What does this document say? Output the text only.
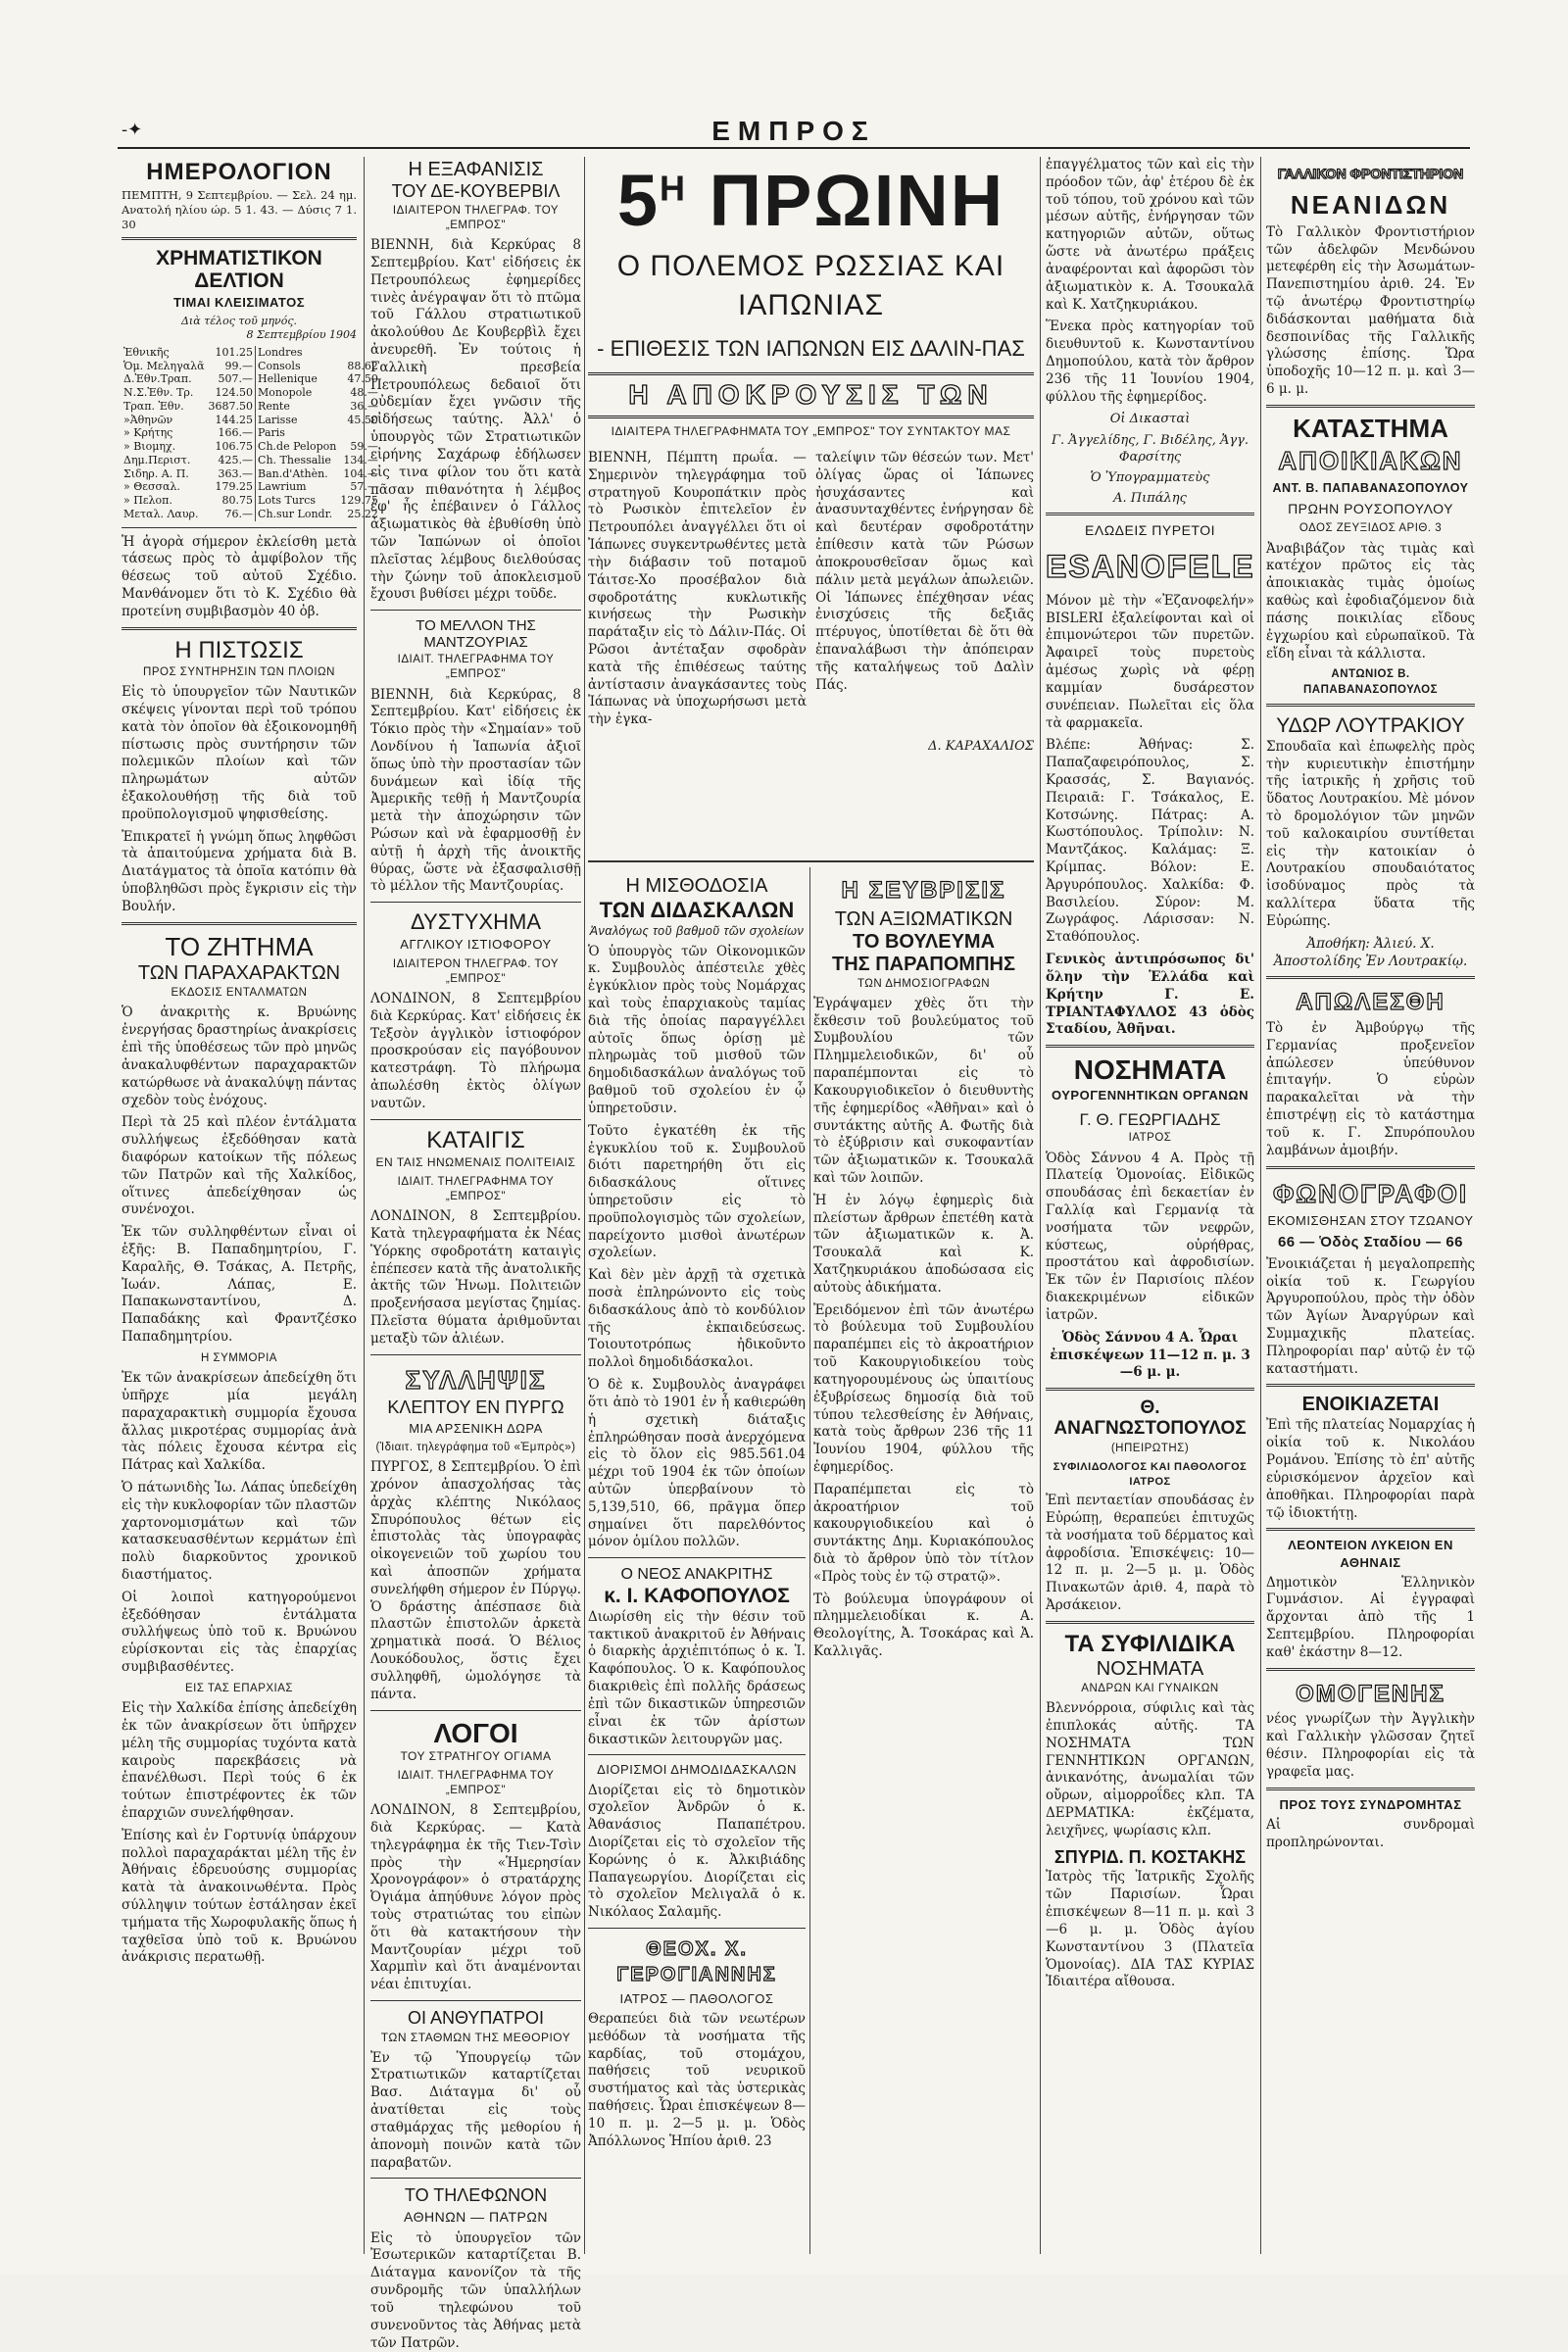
-✦	ΕΜΠΡΟΣ
ΗΜΕΡΟΛΟΓΙΟΝ
ΠΕΜΠΤΗ, 9 Σεπτεμβρίου. — Σελ. 24 ημ. Ανατολή ηλίου ώρ. 5 1. 43. — Δύσις 7 1. 30
ΧΡΗΜΑΤΙΣΤΙΚΟΝ ΔΕΛΤΙΟΝ
ΤΙΜΑΙ ΚΛΕΙΣΙΜΑΤΟΣ
Διὰ τέλος τοῦ μηνός.
8 Σεπτεμβρίου 1904
Ἐθνικῆς	101.25	Londres	
Ὁμ. Μεληγαλᾶ	99.—	Consols	88.62
Δ.Ἐθν.Τραπ.	507.—	Hellenique	47.50
Ν.Σ.Ἐθν. Τρ.	124.50	Monopole	48.—
Τραπ. Ἐθν.	3687.50	Rente	36.—
»Ἀθηνῶν	144.25	Larisse	45.50
» Κρήτης	166.—	Paris	
» Βιομηχ.	106.75	Ch.de Pelopon	59.—
Δημ.Περιστ.	425.—	Ch. Thessalie	134.—
Σιδηρ. Α. Π.	363.—	Ban.d'Athèn.	104.—
» Θεσσαλ.	179.25	Lawrium	57.—
» Πελοπ.	80.75	Lots Turcs	129.75
Μεταλ. Λαυρ.	76.—	Ch.sur Londr.	25.22
Ἡ ἀγορὰ σήμερον ἐκλείσθη μετὰ τάσεως πρὸς τὸ ἀμφίβολον τῆς θέσεως τοῦ αὐτοῦ Σχέδιο. Μανθάνομεν ὅτι τὸ Κ. Σχέδιο θὰ προτείνη συμβιβασμὸν 40 ὀβ.
Η ΠΙΣΤΩΣΙΣ
ΠΡΟΣ ΣΥΝΤΗΡΗΣΙΝ ΤΩΝ ΠΛΟΙΩΝ
Εἰς τὸ ὑπουργεῖον τῶν Ναυτικῶν σκέψεις γίνονται περὶ τοῦ τρόπου κατὰ τὸν ὁποῖον θὰ ἐξοικονομηθῆ πίστωσις πρὸς συντήρησιν τῶν πολεμικῶν πλοίων καὶ τῶν πληρωμάτων αὐτῶν ἐξακολουθήσῃ τῆς διὰ τοῦ προϋπολογισμοῦ ψηφισθείσης.
Ἐπικρατεῖ ἡ γνώμη ὅπως ληφθῶσι τὰ ἀπαιτούμενα χρήματα διὰ Β. Διατάγματος τὰ ὁποῖα κατόπιν θὰ ὑποβληθῶσι πρὸς ἔγκρισιν εἰς τὴν Βουλήν.
ΤΟ ΖΗΤΗΜΑ
ΤΩΝ ΠΑΡΑΧΑΡΑΚΤΩΝ
ΕΚΔΟΣΙΣ ΕΝΤΑΛΜΑΤΩΝ
Ὁ ἀνακριτὴς κ. Βρυώνης ἐνεργήσας δραστηρίως ἀνακρίσεις ἐπὶ τῆς ὑποθέσεως τῶν πρὸ μηνῶς ἀνακαλυφθέντων παραχαρακτῶν κατώρθωσε νὰ ἀνακαλύψῃ πάντας σχεδὸν τοὺς ἐνόχους.
Περὶ τὰ 25 καὶ πλέον ἐντάλματα συλλήψεως ἐξεδόθησαν κατὰ διαφόρων κατοίκων τῆς πόλεως τῶν Πατρῶν καὶ τῆς Χαλκίδος, οἵτινες ἀπεδείχθησαν ὡς συνένοχοι.
Ἐκ τῶν συλληφθέντων εἶναι οἱ ἑξῆς: Β. Παπαδημητρίου, Γ. Καραλῆς, Θ. Τσάκας, Α. Πετρῆς, Ἰωάν. Λάπας, Ε. Παπακωνσταντίνου, Δ. Παπαδάκης καὶ Φραντζέσκο Παπαδημητρίου.
Η ΣΥΜΜΟΡΙΑ
Ἐκ τῶν ἀνακρίσεων ἀπεδείχθη ὅτι ὑπῆρχε μία μεγάλη παραχαρακτικὴ συμμορία ἔχουσα ἄλλας μικροτέρας συμμορίας ἀνὰ τὰς πόλεις ἔχουσα κέντρα εἰς Πάτρας καὶ Χαλκίδα.
Ὁ πάτωνιδὴς Ἰω. Λάπας ὑπεδείχθη εἰς τὴν κυκλοφορίαν τῶν πλαστῶν χαρτονομισμάτων καὶ τῶν κατασκευασθέντων κερμάτων ἐπὶ πολὺ διαρκοῦντος χρονικοῦ διαστήματος.
Οἱ λοιποὶ κατηγορούμενοι ἐξεδόθησαν ἐντάλματα συλλήψεως ὑπὸ τοῦ κ. Βρυώνου εὑρίσκονται εἰς τὰς ἐπαρχίας συμβιβασθέντες.
ΕΙΣ ΤΑΣ ΕΠΑΡΧΙΑΣ
Εἰς τὴν Χαλκίδα ἐπίσης ἀπεδείχθη ἐκ τῶν ἀνακρίσεων ὅτι ὑπῆρχεν μέλη τῆς συμμορίας τυχόντα κατὰ καιροὺς παρεκβάσεις νὰ ἐπανέλθωσι. Περὶ τούς 6 ἐκ τούτων ἐπιστρέφοντες ἐκ τῶν ἐπαρχιῶν συνελήφθησαν.
Ἐπίσης καὶ ἐν Γορτυνίᾳ ὑπάρχουν πολλοὶ παραχαράκται μέλη τῆς ἐν Ἀθήναις ἐδρευούσης συμμορίας κατὰ τὰ ἀνακοινωθέντα. Πρὸς σύλληψιν τούτων ἐστάλησαν ἐκεῖ τμήματα τῆς Χωροφυλακῆς ὅπως ἡ ταχθεῖσα ὑπὸ τοῦ κ. Βρυώνου ἀνάκρισις περατωθῇ.
Η ΕΞΑΦΑΝΙΣΙΣ
ΤΟΥ ΔΕ-ΚΟΥΒΕΡΒΙΛ
ΙΔΙΑΙΤΕΡΟΝ ΤΗΛΕΓΡΑΦ. ΤΟΥ „ΕΜΠΡΟΣ"
ΒΙΕΝΝΗ, διὰ Κερκύρας 8 Σεπτεμβρίου. Κατ' εἰδήσεις ἐκ Πετρουπόλεως ἐφημερίδες τινὲς ἀνέγραψαν ὅτι τὸ πτῶμα τοῦ Γάλλου στρατιωτικοῦ ἀκολούθου Δε Κουβερβὶλ ἔχει ἀνευρεθῆ. Ἐν τούτοις ἡ Γαλλικὴ πρεσβεία Πετρουπόλεως δεδαιοῖ ὅτι οὐδεμίαν ἔχει γνῶσιν τῆς εἰδήσεως ταύτης. Ἀλλ' ὁ ὑπουργὸς τῶν Στρατιωτικῶν εἰρήνης Σαχάρωφ ἐδήλωσεν εἰς τινα φίλον του ὅτι κατὰ πᾶσαν πιθανότητα ἡ λέμβος ἐφ' ἧς ἐπέβαινεν ὁ Γάλλος ἀξιωματικὸς θὰ ἐβυθίσθη ὑπὸ τῶν Ἰαπώνων οἱ ὁποῖοι πλεῖστας λέμβους διελθούσας τὴν ζώνην τοῦ ἀποκλεισμοῦ ἔχουσι βυθίσει μέχρι τοῦδε.
ΤΟ ΜΕΛΛΟΝ ΤΗΣ ΜΑΝΤΖΟΥΡΙΑΣ
ΙΔΙΑΙΤ. ΤΗΛΕΓΡΑΦΗΜΑ ΤΟΥ „ΕΜΠΡΟΣ"
ΒΙΕΝΝΗ, διὰ Κερκύρας, 8 Σεπτεμβρίου. Κατ' εἰδήσεις ἐκ Τόκιο πρὸς τὴν «Σημαίαν» τοῦ Λονδίνου ἡ Ἰαπωνία ἀξιοῖ ὅπως ὑπὸ τὴν προστασίαν τῶν δυνάμεων καὶ ἰδίᾳ τῆς Ἀμερικῆς τεθῇ ἡ Μαντζουρία μετὰ τὴν ἀποχώρησιν τῶν Ρώσων καὶ νὰ ἐφαρμοσθῇ ἐν αὐτῇ ἡ ἀρχὴ τῆς ἀνοικτῆς θύρας, ὥστε νὰ ἐξασφαλισθῇ τὸ μέλλον τῆς Μαντζουρίας.
ΔΥΣΤΥΧΗΜΑ
ΑΓΓΛΙΚΟΥ ΙΣΤΙΟΦΟΡΟΥ
ΙΔΙΑΙΤΕΡΟΝ ΤΗΛΕΓΡΑΦ. ΤΟΥ „ΕΜΠΡΟΣ"
ΛΟΝΔΙΝΟΝ, 8 Σεπτεμβρίου διὰ Κερκύρας. Κατ' εἰδήσεις ἐκ Τεξσὸν ἀγγλικὸν ἱστιοφόρον προσκρούσαν εἰς παγόβουνον κατεστράφη. Τὸ πλήρωμα ἀπωλέσθη ἐκτὸς ὀλίγων ναυτῶν.
ΚΑΤΑΙΓΙΣ
ΕΝ ΤΑΙΣ ΗΝΩΜΕΝΑΙΣ ΠΟΛΙΤΕΙΑΙΣ
ΙΔΙΑΙΤ. ΤΗΛΕΓΡΑΦΗΜΑ ΤΟΥ „ΕΜΠΡΟΣ"
ΛΟΝΔΙΝΟΝ, 8 Σεπτεμβρίου. Κατὰ τηλεγραφήματα ἐκ Νέας Ὑόρκης σφοδροτάτη καταιγὶς ἐπέπεσεν κατὰ τῆς ἀνατολικῆς ἀκτῆς τῶν Ἡνωμ. Πολιτειῶν προξενήσασα μεγίστας ζημίας. Πλεῖστα θύματα ἀριθμοῦνται μεταξὺ τῶν ἁλιέων.
ΣΥΛΛΗΨΙΣ
ΚΛΕΠΤΟΥ ΕΝ ΠΥΡΓΩ
ΜΙΑ ΑΡΣΕΝΙΚΗ ΔΩΡΑ
(Ἰδιαιτ. τηλεγράφημα τοῦ «Ἐμπρὸς»)
ΠΥΡΓΟΣ, 8 Σεπτεμβρίου. Ὁ ἐπὶ χρόνον ἀπασχολήσας τὰς ἀρχὰς κλέπτης Νικόλαος Σπυρόπουλος θέτων εἰς ἐπιστολὰς τὰς ὑπογραφὰς οἰκογενειῶν τοῦ χωρίου του καὶ ἀποσπῶν χρήματα συνελήφθη σήμερον ἐν Πύργῳ. Ὁ δράστης ἀπέσπασε διὰ πλαστῶν ἐπιστολῶν ἀρκετὰ χρηματικὰ ποσά. Ὁ Βέλιος Λουκόδουλος, ὅστις ἔχει συλληφθῆ, ὡμολόγησε τὰ πάντα.
ΛΟΓΟΙ
ΤΟΥ ΣΤΡΑΤΗΓΟΥ ΟΓΙΑΜΑ
ΙΔΙΑΙΤ. ΤΗΛΕΓΡΑΦΗΜΑ ΤΟΥ „ΕΜΠΡΟΣ"
ΛΟΝΔΙΝΟΝ, 8 Σεπτεμβρίου, διὰ Κερκύρας. — Κατὰ τηλεγράφημα ἐκ τῆς Τιεν-Τσὶν πρὸς τὴν «Ἡμερησίαν Χρονογράφον» ὁ στρατάρχης Ὀγιάμα ἀπηύθυνε λόγον πρὸς τοὺς στρατιώτας του εἰπὼν ὅτι θὰ κατακτήσουν τὴν Μαντζουρίαν μέχρι τοῦ Χαρμπὶν καὶ ὅτι ἀναμένονται νέαι ἐπιτυχίαι.
ΟΙ ΑΝΘΥΠΑΤΡΟΙ
ΤΩΝ ΣΤΑΘΜΩΝ ΤΗΣ ΜΕΘΟΡΙΟΥ
Ἐν τῷ Ὑπουργείῳ τῶν Στρατιωτικῶν καταρτίζεται Βασ. Διάταγμα δι' οὗ ἀνατίθεται εἰς τοὺς σταθμάρχας τῆς μεθορίου ἡ ἀπονομὴ ποινῶν κατὰ τῶν παραβατῶν.
ΤΟ ΤΗΛΕΦΩΝΟΝ
ΑΘΗΝΩΝ — ΠΑΤΡΩΝ
Εἰς τὸ ὑπουργεῖον τῶν Ἐσωτερικῶν καταρτίζεται Β. Διάταγμα κανονίζον τὰ τῆς συνδρομῆς τῶν ὑπαλλήλων τοῦ τηλεφώνου τοῦ συνενοῦντος τὰς Ἀθήνας μετὰ τῶν Πατρῶν.
$5^H$ ΠΡΩΙΝΗ
Ο ΠΟΛΕΜΟΣ ΡΩΣΣΙΑΣ ΚΑΙ ΙΑΠΩΝΙΑΣ
- ΕΠΙΘΕΣΙΣ ΤΩΝ ΙΑΠΩΝΩΝ ΕΙΣ ΔΑΛΙΝ-ΠΑΣ
Η ΑΠΟΚΡΟΥΣΙΣ ΤΩΝ
ΙΔΙΑΙΤΕΡΑ ΤΗΛΕΓΡΑΦΗΜΑΤΑ ΤΟΥ „ΕΜΠΡΟΣ" ΤΟΥ ΣΥΝΤΑΚΤΟΥ ΜΑΣ
ΒΙΕΝΝΗ, Πέμπτη πρωΐα. — Σημερινὸν τηλεγράφημα τοῦ στρατηγοῦ Κουροπάτκιν πρὸς τὸ Ρωσικὸν ἐπιτελεῖον ἐν Πετρουπόλει ἀναγγέλλει ὅτι οἱ Ἰάπωνες συγκεντρωθέντες μετὰ τὴν διάβασιν τοῦ ποταμοῦ Τάιτσε-Χο προσέβαλον διὰ σφοδροτάτης κυκλωτικῆς κινήσεως τὴν Ρωσικὴν παράταξιν εἰς τὸ Δάλιν-Πάς. Οἱ Ρῶσοι ἀντέταξαν σφοδρὰν κατὰ τῆς ἐπιθέσεως ταύτης ἀντίστασιν ἀναγκάσαντες τοὺς Ἰάπωνας νὰ ὑποχωρήσωσι μετὰ τὴν ἐγκα-
ταλείψιν τῶν θέσεών των. Μετ' ὀλίγας ὥρας οἱ Ἰάπωνες ἠσυχάσαντες καὶ ἀνασυνταχθέντες ἐνήργησαν δὲ καὶ δευτέραν σφοδροτάτην ἐπίθεσιν κατὰ τῶν Ρώσων ἀποκρουσθεῖσαν ὅμως καὶ πάλιν μετὰ μεγάλων ἀπωλειῶν. Οἱ Ἰάπωνες ἐπέχθησαν νέας ἐνισχύσεις τῆς δεξιᾶς πτέρυγος, ὑποτίθεται δὲ ὅτι θὰ ἐπαναλάβωσι τὴν ἀπόπειραν τῆς καταλήψεως τοῦ Δαλὶν Πάς.
Δ. ΚΑΡΑΧΑΛΙΟΣ
Η ΜΙΣΘΟΔΟΣΙΑ
ΤΩΝ ΔΙΔΑΣΚΑΛΩΝ
Ἀναλόγως τοῦ βαθμοῦ τῶν σχολείων
Ὁ ὑπουργὸς τῶν Οἰκονομικῶν κ. Συμβουλὸς ἀπέστειλε χθὲς ἐγκύκλιον πρὸς τοὺς Νομάρχας καὶ τοὺς ἐπαρχιακοὺς ταμίας διὰ τῆς ὁποίας παραγγέλλει αὐτοῖς ὅπως ὁρίσῃ μὲ πληρωμὰς τοῦ μισθοῦ τῶν δημοδιδασκάλων ἀναλόγως τοῦ βαθμοῦ τοῦ σχολείου ἐν ᾧ ὑπηρετοῦσιν.
Τοῦτο ἐγκατέθη ἐκ τῆς ἐγκυκλίου τοῦ κ. Συμβουλοῦ διότι παρετηρήθη ὅτι εἰς διδασκάλους οἵτινες ὑπηρετοῦσιν εἰς τὸ προϋπολογισμὸς τῶν σχολείων, παρείχοντο μισθοὶ ἀνωτέρων σχολείων.
Καὶ δὲν μὲν ἀρχῇ τὰ σχετικὰ ποσὰ ἐπληρώνοντο εἰς τοὺς διδασκάλους ἀπὸ τὸ κονδύλιον τῆς ἐκπαιδεύσεως. Τοιουτοτρόπως ἠδικοῦντο πολλοὶ δημοδιδάσκαλοι.
Ὁ δὲ κ. Συμβουλὸς ἀναγράφει ὅτι ἀπὸ τὸ 1901 ἐν ἧ καθιερώθη ἡ σχετικὴ διάταξις ἐπληρώθησαν ποσὰ ἀνερχόμενα εἰς τὸ ὅλον εἰς 985.561.04 μέχρι τοῦ 1904 ἐκ τῶν ὁποίων αὐτῶν ὑπερβαίνουν τὸ 5,139,510, 66, πρᾶγμα ὅπερ σημαίνει ὅτι παρελθόντος μόνον ὁμίλου πολλῶν.
Ο ΝΕΟΣ ΑΝΑΚΡΙΤΗΣ
κ. Ι. ΚΑΦΟΠΟΥΛΟΣ
Διωρίσθη εἰς τὴν θέσιν τοῦ τακτικοῦ ἀνακριτοῦ ἐν Ἀθήναις ὁ διαρκὴς ἀρχιἐπιτόπως ὁ κ. Ἰ. Καφόπουλος. Ὁ κ. Καφόπουλος διακριθεὶς ἐπὶ πολλῆς δράσεως ἐπὶ τῶν δικαστικῶν ὑπηρεσιῶν εἶναι ἐκ τῶν ἀρίστων δικαστικῶν λειτουργῶν μας.
ΔΙΟΡΙΣΜΟΙ ΔΗΜΟΔΙΔΑΣΚΑΛΩΝ
Διορίζεται εἰς τὸ δημοτικὸν σχολεῖον Ἀνδρῶν ὁ κ. Ἀθανάσιος Παπαπέτρου. Διορίζεται εἰς τὸ σχολεῖον τῆς Κορώνης ὁ κ. Ἀλκιβιάδης Παπαγεωργίου. Διορίζεται εἰς τὸ σχολεῖον Μελιγαλᾶ ὁ κ. Νικόλαος Σαλαμῆς.
ΘΕΟΧ. Χ. ΓΕΡΟΓΙΑΝΝΗΣ
ΙΑΤΡΟΣ — ΠΑΘΟΛΟΓΟΣ
Θεραπεύει διὰ τῶν νεωτέρων μεθόδων τὰ νοσήματα τῆς καρδίας, τοῦ στομάχου, παθήσεις τοῦ νευρικοῦ συστήματος καὶ τὰς ὑστερικὰς παθήσεις. Ὧραι ἐπισκέψεων 8—10 π. μ. 2—5 μ. μ. Ὁδὸς Ἀπόλλωνος Ἡπίου ἀριθ. 23
Η ΣΕΥΒΡΙΣΙΣ
ΤΩΝ ΑΞΙΩΜΑΤΙΚΩΝ
ΤΟ ΒΟΥΛΕΥΜΑ
ΤΗΣ ΠΑΡΑΠΟΜΠΗΣ
ΤΩΝ ΔΗΜΟΣΙΟΓΡΑΦΩΝ
Ἐγράψαμεν χθὲς ὅτι τὴν ἔκθεσιν τοῦ βουλεύματος τοῦ Συμβουλίου τῶν Πλημμελειοδικῶν, δι' οὗ παραπέμπονται εἰς τὸ Κακουργιοδικεῖον ὁ διευθυντὴς τῆς ἐφημερίδος «Ἀθῆναι» καὶ ὁ συντάκτης αὐτῆς Α. Φωτῆς διὰ τὸ ἐξύβρισιν καὶ συκοφαντίαν τῶν ἀξιωματικῶν κ. Τσουκαλᾶ καὶ τῶν λοιπῶν.
Ἡ ἐν λόγῳ ἐφημερὶς διὰ πλείστων ἄρθρων ἐπετέθη κατὰ τῶν ἀξιωματικῶν κ. Ἀ. Τσουκαλᾶ καὶ Κ. Χατζηκυριάκου ἀποδώσασα εἰς αὐτοὺς ἀδικήματα.
Ἐρειδόμενον ἐπὶ τῶν ἀνωτέρω τὸ βούλευμα τοῦ Συμβουλίου παραπέμπει εἰς τὸ ἀκροατήριον τοῦ Κακουργιοδικείου τοὺς κατηγορουμένους ὡς ὑπαιτίους ἐξυβρίσεως δημοσίᾳ διὰ τοῦ τύπου τελεσθείσης ἐν Ἀθήναις, κατὰ τοὺς ἄρθρων 236 τῆς 11 Ἰουνίου 1904, φύλλου τῆς ἐφημερίδος.
Παραπέμπεται εἰς τὸ ἀκροατήριον τοῦ κακουργιοδικείου καὶ ὁ συντάκτης Δημ. Κυριακόπουλος διὰ τὸ ἄρθρον ὑπὸ τὸν τίτλον «Πρὸς τοὺς ἐν τῷ στρατῷ».
Τὸ βούλευμα ὑπογράφουν οἱ πλημμελειοδίκαι κ. Α. Θεολογίτης, Ἀ. Τσοκάρας καὶ Ἀ. Καλλιγᾶς.
ἐπαγγέλματος τῶν καὶ εἰς τὴν πρόοδον τῶν, ἀφ' ἑτέρου δὲ ἐκ τοῦ τόπου, τοῦ χρόνου καὶ τῶν μέσων αὐτῆς, ἐνήργησαν τῶν κατηγοριῶν αὐτῶν, οὕτως ὥστε νὰ ἀνωτέρω πράξεις ἀναφέρονται καὶ ἀφορῶσι τὸν ἀξιωματικὸν κ. Α. Τσουκαλᾶ καὶ Κ. Χατζηκυριάκου.
Ἕνεκα πρὸς κατηγορίαν τοῦ διευθυντοῦ κ. Κωνσταντίνου Δημοπούλου, κατὰ τὸν ἄρθρον 236 τῆς 11 Ἰουνίου 1904, φύλλου τῆς ἐφημερίδος.
Οἱ Δικασταὶ
Γ. Ἀγγελίδης, Γ. Βιδέλης, Ἀγγ. Φαρσίτης
Ὁ Ὑπογραμματεὺς
Α. Πιπάλης
ΕΛΩΔΕΙΣ ΠΥΡΕΤΟΙ
ESANOFELE
Μόνον μὲ τὴν «Ἐζανοφελήν» BISLERI ἐξαλείφονται καὶ οἱ ἐπιμονώτεροι τῶν πυρετῶν. Ἀφαιρεῖ τοὺς πυρετοὺς ἀμέσως χωρὶς νὰ φέρῃ καμμίαν δυσάρεστον συνέπειαν. Πωλεῖται εἰς ὅλα τὰ φαρμακεῖα.
Βλέπε: Ἀθήνας: Σ. Παπαζαφειρόπουλος, Σ. Κρασσάς, Σ. Βαγιανός. Πειραιᾶ: Γ. Τσάκαλος, Ε. Κοτσώνης. Πάτρας: Α. Κωστόπουλος. Τρίπολιν: Ν. Μαντζάκος. Καλάμας: Ξ. Κρίμπας. Βόλον: Ε. Ἀργυρόπουλος. Χαλκίδα: Φ. Βασιλείου. Σύρον: Μ. Ζωγράφος. Λάρισσαν: Ν. Σταθόπουλος.
Γενικὸς ἀντιπρόσωπος δι' ὅλην τὴν Ἑλλάδα καὶ Κρήτην Γ. Ε. ΤΡΙΑΝΤΑΦΥΛΛΟΣ 43 ὁδὸς Σταδίου, Ἀθῆναι.
ΝΟΣΗΜΑΤΑ
ΟΥΡΟΓΕΝΝΗΤΙΚΩΝ ΟΡΓΑΝΩΝ
Γ. Θ. ΓΕΩΡΓΙΑΔΗΣ
ΙΑΤΡΟΣ
Ὁδὸς Σάννου 4 Α. Πρὸς τῇ Πλατείᾳ Ὁμονοίας. Εἰδικῶς σπουδάσας ἐπὶ δεκαετίαν ἐν Γαλλίᾳ καὶ Γερμανίᾳ τὰ νοσήματα τῶν νεφρῶν, κύστεως, οὐρήθρας, προστάτου καὶ ἀφροδισίων. Ἐκ τῶν ἐν Παρισίοις πλέον διακεκριμένων εἰδικῶν ἰατρῶν.
Ὁδὸς Σάννου 4 Α. Ὧραι ἐπισκέψεων 11—12 π. μ. 3—6 μ. μ.
Θ. ΑΝΑΓΝΩΣΤΟΠΟΥΛΟΣ
(ΗΠΕΙΡΩΤΗΣ)
ΣΥΦΙΛΙΔΟΛΟΓΟΣ ΚΑΙ ΠΑΘΟΛΟΓΟΣ ΙΑΤΡΟΣ
Ἐπὶ πενταετίαν σπουδάσας ἐν Εὐρώπῃ, θεραπεύει ἐπιτυχῶς τὰ νοσήματα τοῦ δέρματος καὶ ἀφροδίσια. Ἐπισκέψεις: 10—12 π. μ. 2—5 μ. μ. Ὁδὸς Πινακωτῶν ἀριθ. 4, παρὰ τὸ Ἀρσάκειον.
ΤΑ ΣΥΦΙΛΙΔΙΚΑ
ΝΟΣΗΜΑΤΑ
ΑΝΔΡΩΝ ΚΑΙ ΓΥΝΑΙΚΩΝ
Βλεννόρροια, σύφιλις καὶ τὰς ἐπιπλοκάς αὐτῆς. ΤΑ ΝΟΣΗΜΑΤΑ ΤΩΝ ΓΕΝΝΗΤΙΚΩΝ ΟΡΓΑΝΩΝ, ἀνικανότης, ἀνωμαλίαι τῶν οὔρων, αἱμορροΐδες κλπ. ΤΑ ΔΕΡΜΑΤΙΚΑ: ἐκζέματα, λειχῆνες, ψωρίασις κλπ.
ΣΠΥΡΙΔ. Π. ΚΟΣΤΑΚΗΣ
Ἰατρὸς τῆς Ἰατρικῆς Σχολῆς τῶν Παρισίων. Ὧραι ἐπισκέψεων 8—11 π. μ. καὶ 3—6 μ. μ. Ὁδὸς ἀγίου Κωνσταντίνου 3 (Πλατεῖα Ὁμονοίας). ΔΙΑ ΤΑΣ ΚΥΡΙΑΣ Ἰδιαιτέρα αἴθουσα.
ΓΑΛΛΙΚΟΝ ΦΡΟΝΤΙΣΤΗΡΙΟΝ
ΝΕΑΝΙΔΩΝ
Τὸ Γαλλικὸν Φροντιστήριον τῶν ἀδελφῶν Μενδώνου μετεφέρθη εἰς τὴν Ἀσωμάτων-Πανεπιστημίου ἀριθ. 24. Ἐν τῷ ἀνωτέρῳ Φροντιστηρίῳ διδάσκονται μαθήματα διὰ δεσποινίδας τῆς Γαλλικῆς γλώσσης ἐπίσης. Ὥρα ὑποδοχῆς 10—12 π. μ. καὶ 3—6 μ. μ.
ΚΑΤΑΣΤΗΜΑ
ΑΠΟΙΚΙΑΚΩΝ
ΑΝΤ. Β. ΠΑΠΑΒΑΝΑΣΟΠΟΥΛΟΥ
ΠΡΩΗΝ ΡΟΥΣΟΠΟΥΛΟΥ
ΟΔΟΣ ΖΕΥΞΙΔΟΣ ΑΡΙΘ. 3
Ἀναβιβάζον τὰς τιμὰς καὶ κατέχον πρῶτος εἰς τὰς ἀποικιακὰς τιμὰς ὁμοίως καθὼς καὶ ἐφοδιαζόμενον διὰ πάσης ποικιλίας εἴδους ἐγχωρίου καὶ εὐρωπαϊκοῦ. Τὰ εἴδη εἶναι τὰ κάλλιστα.
ΑΝΤΩΝΙΟΣ Β. ΠΑΠΑΒΑΝΑΣΟΠΟΥΛΟΣ
ΥΔΩΡ ΛΟΥΤΡΑΚΙΟΥ
Σπουδαῖα καὶ ἐπωφελὴς πρὸς τὴν κυριευτικὴν ἐπιστήμην τῆς ἰατρικῆς ἡ χρῆσις τοῦ ὕδατος Λουτρακίου. Μὲ μόνον τὸ δρομολόγιον τῶν μηνῶν τοῦ καλοκαιρίου συντίθεται εἰς τὴν κατοικίαν ὁ Λουτρακίου σπουδαιότατος ἰσοδύναμος πρὸς τὰ καλλίτερα ὕδατα τῆς Εὐρώπης.
Ἀποθήκη: Ἀλιεύ. Χ. Ἀποστολίδης Ἐν Λουτρακίῳ.
ΑΠΩΛΕΣΘΗ
Τὸ ἐν Ἀμβούργῳ τῆς Γερμανίας προξενεῖον ἀπώλεσεν ὑπεύθυνον ἐπιταγήν. Ὁ εὑρὼν παρακαλεῖται νὰ τὴν ἐπιστρέψῃ εἰς τὸ κατάστημα τοῦ κ. Γ. Σπυρόπουλου λαμβάνων ἀμοιβήν.
ΦΩΝΟΓΡΑΦΟΙ
ΕΚΟΜΙΣΘΗΣΑΝ ΣΤΟΥ ΤΖΩΑΝΟΥ
66 — Ὁδὸς Σταδίου — 66
Ἐνοικιάζεται ἡ μεγαλοπρεπὴς οἰκία τοῦ κ. Γεωργίου Ἀργυροπούλου, πρὸς τὴν ὁδὸν τῶν Ἀγίων Ἀναργύρων καὶ Συμμαχικῆς πλατείας. Πληροφορίαι παρ' αὐτῷ ἐν τῷ καταστήματι.
ΕΝΟΙΚΙΑΖΕΤΑΙ
Ἐπὶ τῆς πλατείας Νομαρχίας ἡ οἰκία τοῦ κ. Νικολάου Ρομάνου. Ἐπίσης τὸ ἐπ' αὐτῆς εὑρισκόμενον ἀρχεῖον καὶ ἀποθῆκαι. Πληροφορίαι παρὰ τῷ ἰδιοκτήτῃ.
ΛΕΟΝΤΕΙΟΝ ΛΥΚΕΙΟΝ ΕΝ ΑΘΗΝΑΙΣ
Δημοτικὸν Ἑλληνικὸν Γυμνάσιον. Αἱ ἐγγραφαὶ ἄρχονται ἀπὸ τῆς 1 Σεπτεμβρίου. Πληροφορίαι καθ' ἑκάστην 8—12.
ΟΜΟΓΕΝΗΣ
νέος γνωρίζων τὴν Ἀγγλικὴν καὶ Γαλλικὴν γλῶσσαν ζητεῖ θέσιν. Πληροφορίαι εἰς τὰ γραφεῖα μας.
ΠΡΟΣ ΤΟΥΣ ΣΥΝΔΡΟΜΗΤΑΣ
Αἱ συνδρομαὶ προπληρώνονται.
